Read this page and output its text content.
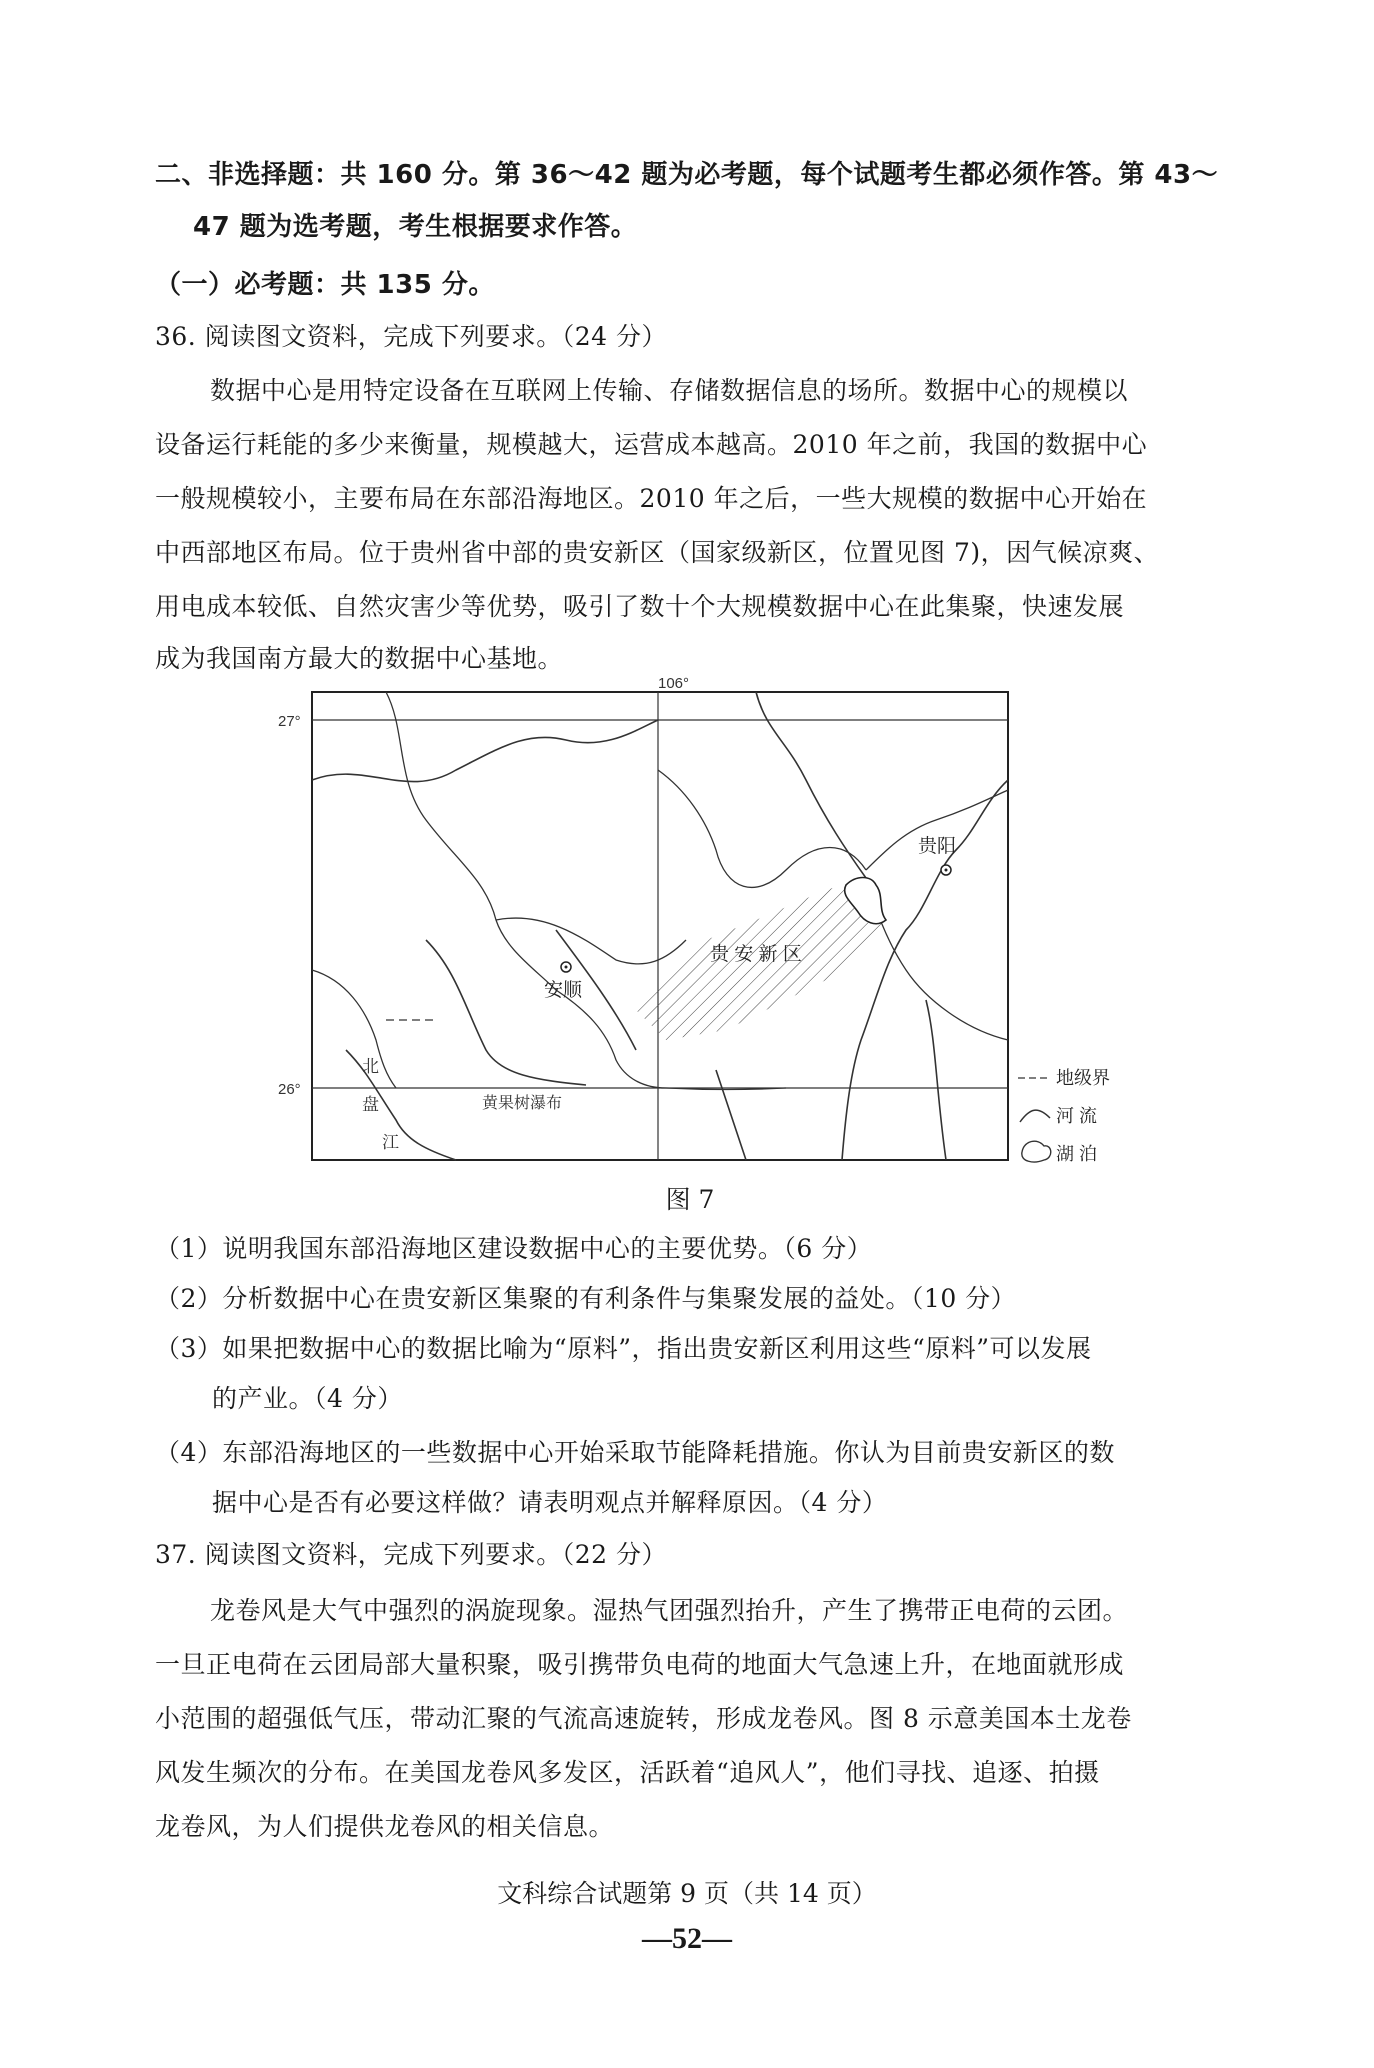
二、非选择题：共 160 分。第 36～42 题为必考题，每个试题考生都必须作答。第 43～
47 题为选考题，考生根据要求作答。
（一）必考题：共 135 分。
36. 阅读图文资料，完成下列要求。（24 分）
数据中心是用特定设备在互联网上传输、存储数据信息的场所。数据中心的规模以
设备运行耗能的多少来衡量，规模越大，运营成本越高。2010 年之前，我国的数据中心
一般规模较小，主要布局在东部沿海地区。2010 年之后，一些大规模的数据中心开始在
中西部地区布局。位于贵州省中部的贵安新区（国家级新区，位置见图 7)，因气候凉爽、
用电成本较低、自然灾害少等优势，吸引了数十个大规模数据中心在此集聚，快速发展
成为我国南方最大的数据中心基地。
106°
27°
26°
贵阳
安顺
贵 安 新 区
北
盘
江
黄果树瀑布
地级界
河 流
湖 泊
图 7
（1）说明我国东部沿海地区建设数据中心的主要优势。（6 分）
（2）分析数据中心在贵安新区集聚的有利条件与集聚发展的益处。（10 分）
（3）如果把数据中心的数据比喻为“原料”，指出贵安新区利用这些“原料”可以发展
的产业。（4 分）
（4）东部沿海地区的一些数据中心开始采取节能降耗措施。你认为目前贵安新区的数
据中心是否有必要这样做？请表明观点并解释原因。（4 分）
37. 阅读图文资料，完成下列要求。（22 分）
龙卷风是大气中强烈的涡旋现象。湿热气团强烈抬升，产生了携带正电荷的云团。
一旦正电荷在云团局部大量积聚，吸引携带负电荷的地面大气急速上升，在地面就形成
小范围的超强低气压，带动汇聚的气流高速旋转，形成龙卷风。图 8 示意美国本土龙卷
风发生频次的分布。在美国龙卷风多发区，活跃着“追风人”，他们寻找、追逐、拍摄
龙卷风，为人们提供龙卷风的相关信息。
文科综合试题第 9 页（共 14 页）
—52—
